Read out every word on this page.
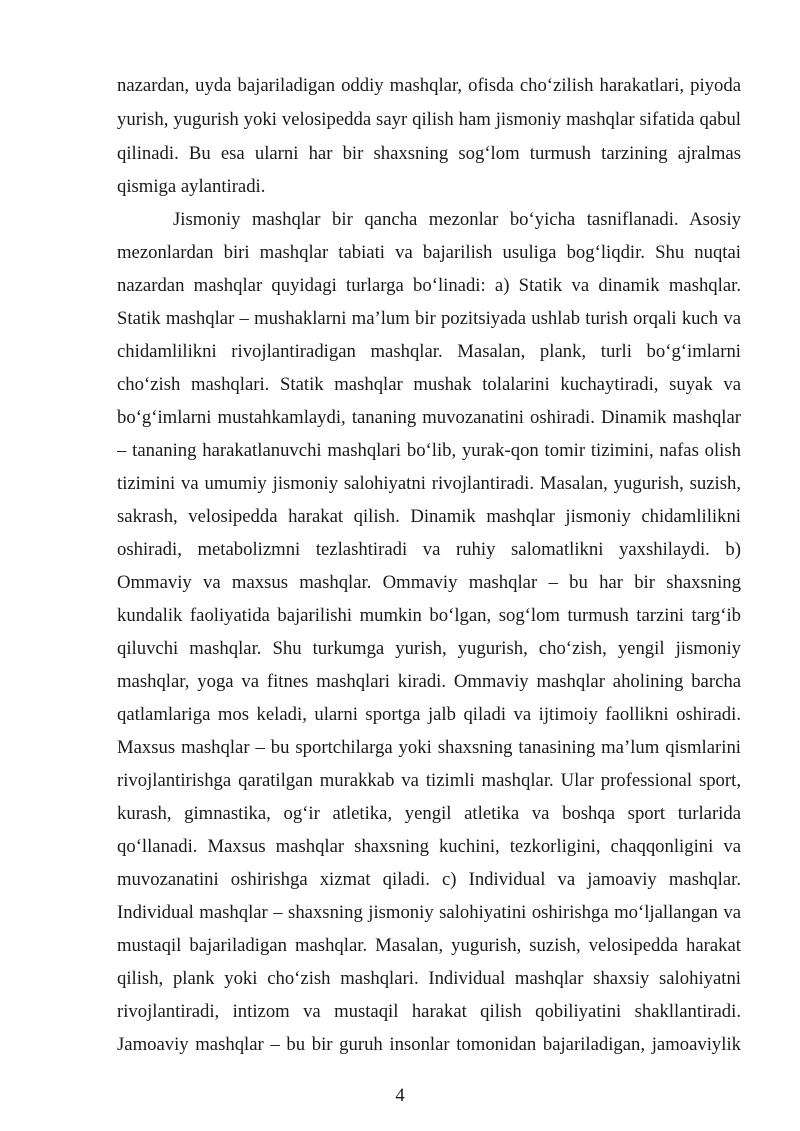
nazardan, uyda bajariladigan oddiy mashqlar, ofisda cho‘zilish harakatlari, piyoda
yurish, yugurish yoki velosipedda sayr qilish ham jismoniy mashqlar sifatida qabul
qilinadi. Bu esa ularni har bir shaxsning sog‘lom turmush tarzining ajralmas
qismiga aylantiradi.
Jismoniy mashqlar bir qancha mezonlar bo‘yicha tasniflanadi. Asosiy
mezonlardan biri mashqlar tabiati va bajarilish usuliga bog‘liqdir. Shu nuqtai
nazardan mashqlar quyidagi turlarga bo‘linadi: a) Statik va dinamik mashqlar.
Statik mashqlar – mushaklarni ma’lum bir pozitsiyada ushlab turish orqali kuch va
chidamlilikni rivojlantiradigan mashqlar. Masalan, plank, turli bo‘g‘imlarni
cho‘zish mashqlari. Statik mashqlar mushak tolalarini kuchaytiradi, suyak va
bo‘g‘imlarni mustahkamlaydi, tananing muvozanatini oshiradi. Dinamik mashqlar
– tananing harakatlanuvchi mashqlari bo‘lib, yurak-qon tomir tizimini, nafas olish
tizimini va umumiy jismoniy salohiyatni rivojlantiradi. Masalan, yugurish, suzish,
sakrash, velosipedda harakat qilish. Dinamik mashqlar jismoniy chidamlilikni
oshiradi, metabolizmni tezlashtiradi va ruhiy salomatlikni yaxshilaydi. b)
Ommaviy va maxsus mashqlar. Ommaviy mashqlar – bu har bir shaxsning
kundalik faoliyatida bajarilishi mumkin bo‘lgan, sog‘lom turmush tarzini targ‘ib
qiluvchi mashqlar. Shu turkumga yurish, yugurish, cho‘zish, yengil jismoniy
mashqlar, yoga va fitnes mashqlari kiradi. Ommaviy mashqlar aholining barcha
qatlamlariga mos keladi, ularni sportga jalb qiladi va ijtimoiy faollikni oshiradi.
Maxsus mashqlar – bu sportchilarga yoki shaxsning tanasining ma’lum qismlarini
rivojlantirishga qaratilgan murakkab va tizimli mashqlar. Ular professional sport,
kurash, gimnastika, og‘ir atletika, yengil atletika va boshqa sport turlarida
qo‘llanadi. Maxsus mashqlar shaxsning kuchini, tezkorligini, chaqqonligini va
muvozanatini oshirishga xizmat qiladi. c) Individual va jamoaviy mashqlar.
Individual mashqlar – shaxsning jismoniy salohiyatini oshirishga mo‘ljallangan va
mustaqil bajariladigan mashqlar. Masalan, yugurish, suzish, velosipedda harakat
qilish, plank yoki cho‘zish mashqlari. Individual mashqlar shaxsiy salohiyatni
rivojlantiradi, intizom va mustaqil harakat qilish qobiliyatini shakllantiradi.
Jamoaviy mashqlar – bu bir guruh insonlar tomonidan bajariladigan, jamoaviylik
4
